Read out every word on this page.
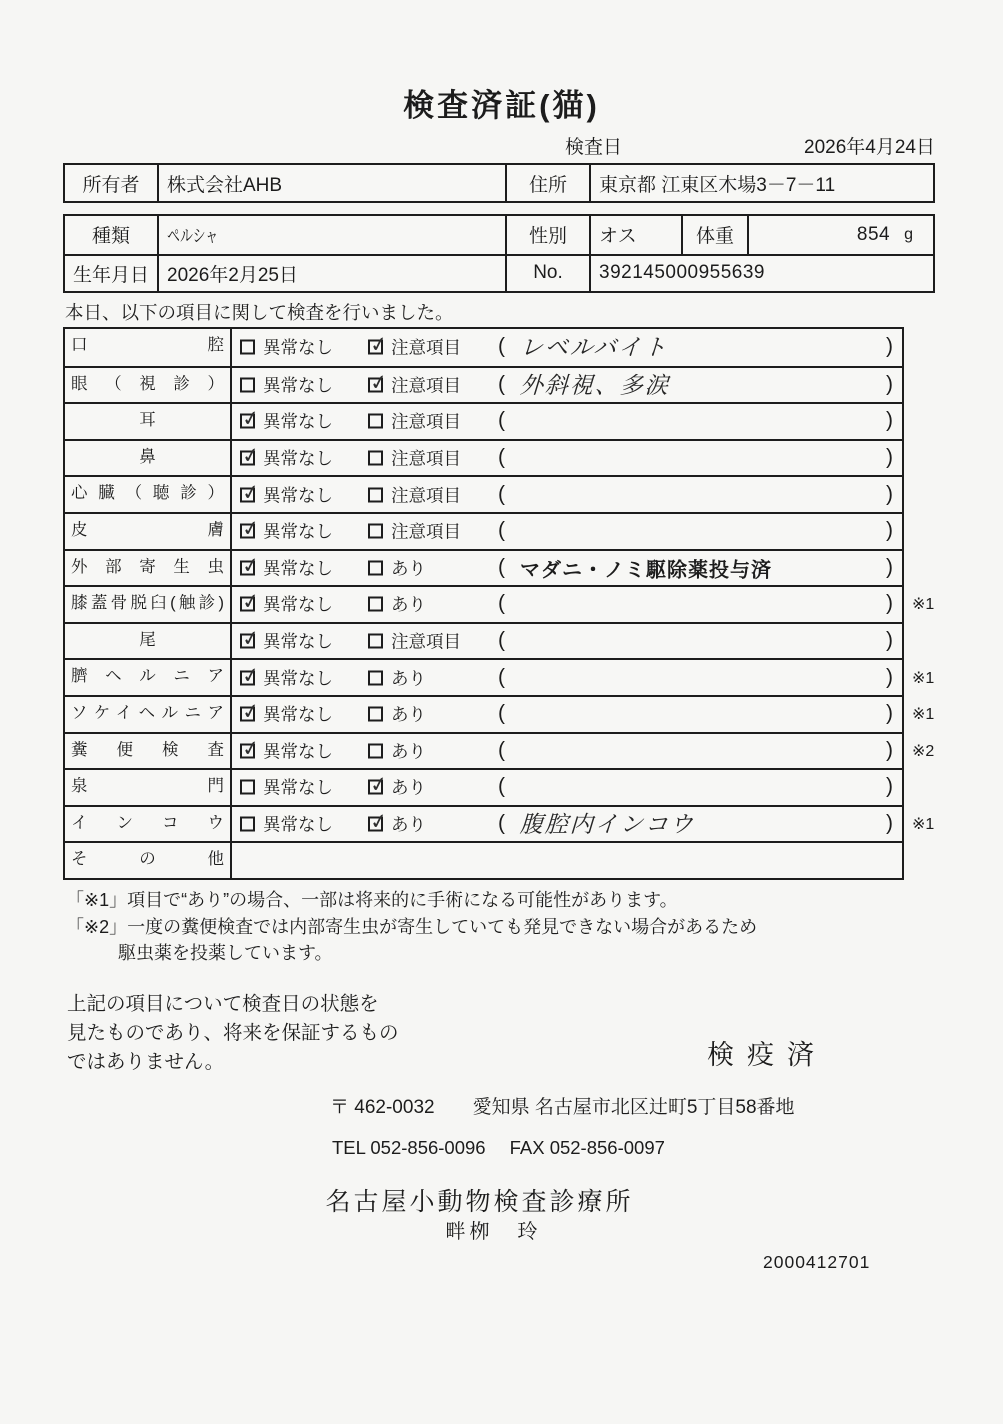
検査済証(猫)
検査日	2026年4月24日
所有者	株式会社AHB	住所	東京都 江東区木場3－7－11
種類	ペルシャ	性別	オス	体重	854 g
生年月日 2026年2月25日	No.	392145000955639
本日、以下の項目に関して検査を行いました。
口腔	異常なし ✓	注意項目 ( レベルバイト	)
眼（視診）	異常なし ✓	注意項目 ( 外斜視、多涙	)
耳 ✓	異常なし	注意項目 (	)
鼻 ✓	異常なし	注意項目 (	)
心臓（聴診） ✓	異常なし	注意項目 (	)
皮膚 ✓	異常なし	注意項目 (	)
外部寄生虫 ✓	異常なし	あり	( マダニ・ノミ駆除薬投与済	)
膝蓋骨脱臼(触診) ✓	異常なし	あり	(	) ※1
尾 ✓	異常なし	注意項目 (	)
臍ヘルニア ✓	異常なし	あり	(	) ※1
ソケイヘルニア ✓	異常なし	あり	(	) ※1
糞便検査 ✓	異常なし	あり	(	) ※2
泉門	異常なし ✓	あり	(	)
インコウ	異常なし ✓	あり	( 腹腔内インコウ	) ※1
その他
「※1」項目で“あり”の場合、一部は将来的に手術になる可能性があります。
「※2」一度の糞便検査では内部寄生虫が寄生していても発見できない場合があるため
駆虫薬を投薬しています。
上記の項目について検査日の状態を
見たものであり、将来を保証するもの
ではありません。	検疫済
〒 462-0032 愛知県 名古屋市北区辻町5丁目58番地
TEL 052-856-0096 FAX 052-856-0097
名古屋小動物検査診療所
畔栁　玲
2000412701
